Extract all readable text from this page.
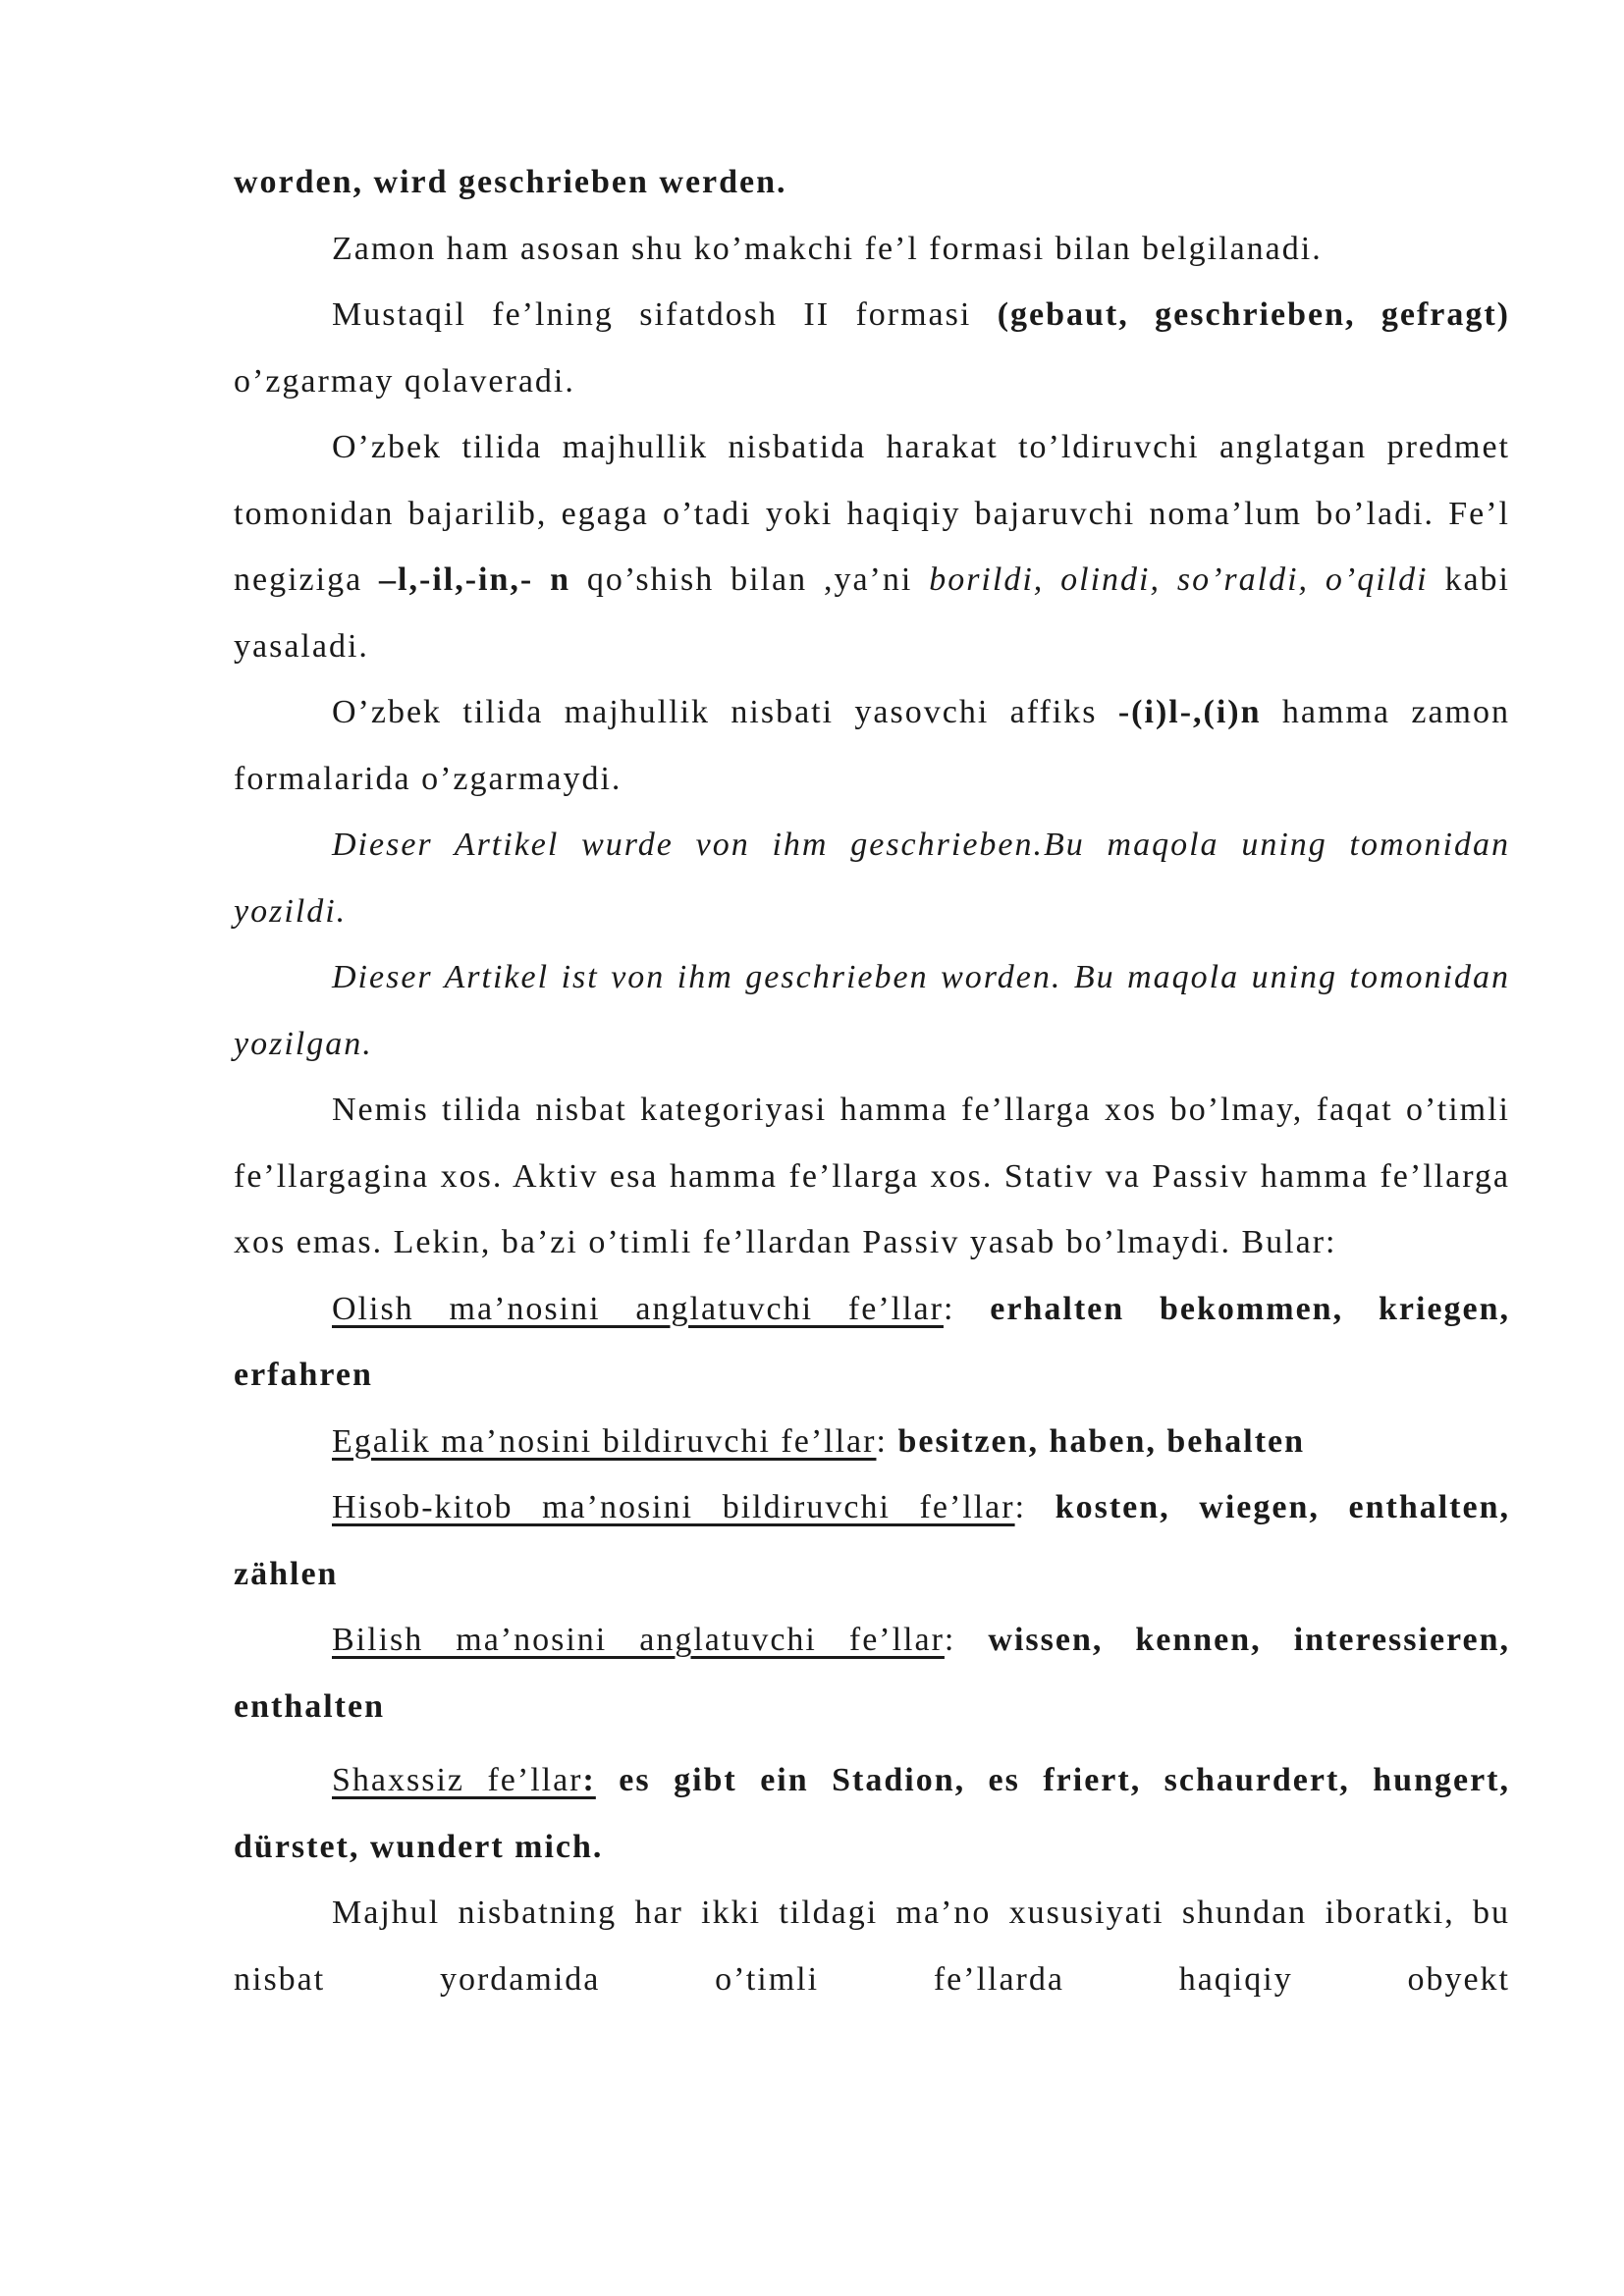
worden, wird geschrieben werden.

Zamon ham asosan shu ko’makchi fe’l formasi bilan belgilanadi.

Mustaqil fe’lning sifatdosh II formasi (gebaut, geschrieben, gefragt) o’zgarmay qolaveradi.

O’zbek tilida majhullik nisbatida harakat to’ldiruvchi anglatgan predmet tomonidan bajarilib, egaga o’tadi yoki haqiqiy bajaruvchi noma’lum bo’ladi. Fe’l negiziga –l,-il,-in,- n qo’shish bilan ,ya’ni borildi, olindi, so’raldi, o’qildi kabi yasaladi.

O’zbek tilida majhullik nisbati yasovchi affiks -(i)l-,(i)n hamma zamon formalarida o’zgarmaydi.

Dieser Artikel wurde von ihm geschrieben.Bu maqola uning tomonidan yozildi.

Dieser Artikel ist von ihm geschrieben worden. Bu maqola uning tomonidan yozilgan.

Nemis tilida nisbat kategoriyasi hamma fe’llarga xos bo’lmay, faqat o’timli fe’llargagina xos. Aktiv esa hamma fe’llarga xos. Stativ va Passiv hamma fe’llarga xos emas. Lekin, ba’zi o’timli fe’llardan Passiv yasab bo’lmaydi. Bular:

Olish ma’nosini anglatuvchi fe’llar: erhalten bekommen, kriegen, erfahren

Egalik ma’nosini bildiruvchi fe’llar: besitzen, haben, behalten

Hisob-kitob ma’nosini bildiruvchi fe’llar: kosten, wiegen, enthalten, zählen

Bilish ma’nosini anglatuvchi fe’llar: wissen, kennen, interessieren, enthalten

Shaxssiz fe’llar: es gibt ein Stadion, es friert, schaurdert, hungert, dürstet, wundert mich.

Majhul nisbatning har ikki tildagi ma’no xususiyati shundan iboratki, bu nisbat yordamida o’timli fe’llarda haqiqiy obyekt
